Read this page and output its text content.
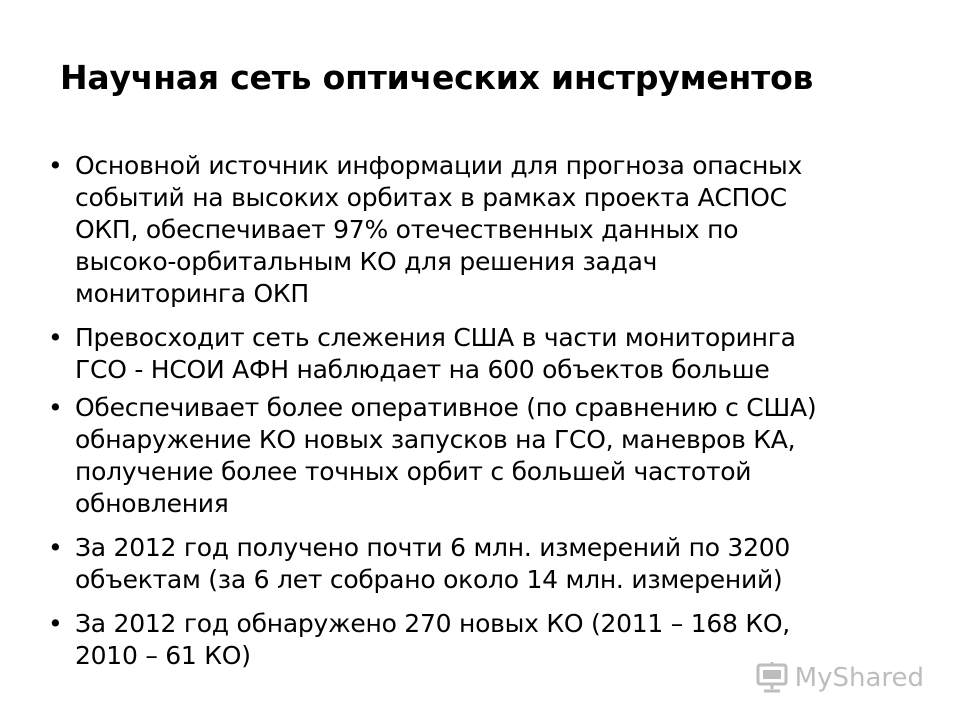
Научная сеть оптических инструментов
• Основной источник информации для прогноза опасных
событий на высоких орбитах в рамках проекта АСПОС
ОКП, обеспечивает 97% отечественных данных по
высоко-орбитальным КО для решения задач
мониторинга ОКП
• Превосходит сеть слежения США в части мониторинга
ГСО - НСОИ АФН наблюдает на 600 объектов больше
• Обеспечивает более оперативное (по сравнению с США)
обнаружение КО новых запусков на ГСО, маневров КА,
получение более точных орбит с большей частотой
обновления
• За 2012 год получено почти 6 млн. измерений по 3200
объектам (за 6 лет собрано около 14 млн. измерений)
• За 2012 год обнаружено 270 новых КО (2011 – 168 КО,
2010 – 61 КО)
MyShared
